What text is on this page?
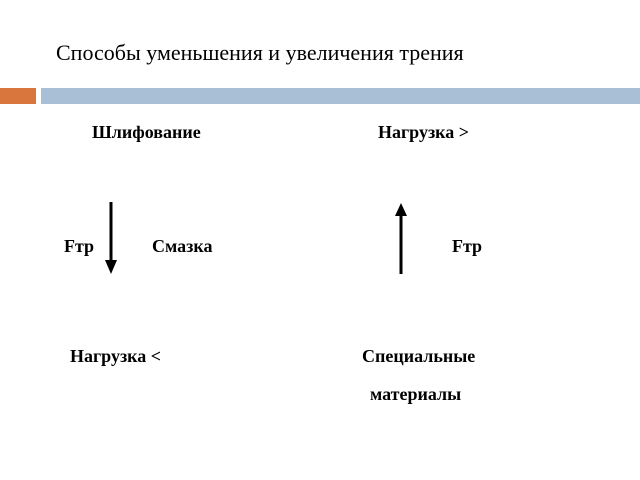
Способы уменьшения и увеличения трения
Шлифование	Нагрузка >
Fтр	Смазка	Fтр
Нагрузка <	Специальные
материалы
